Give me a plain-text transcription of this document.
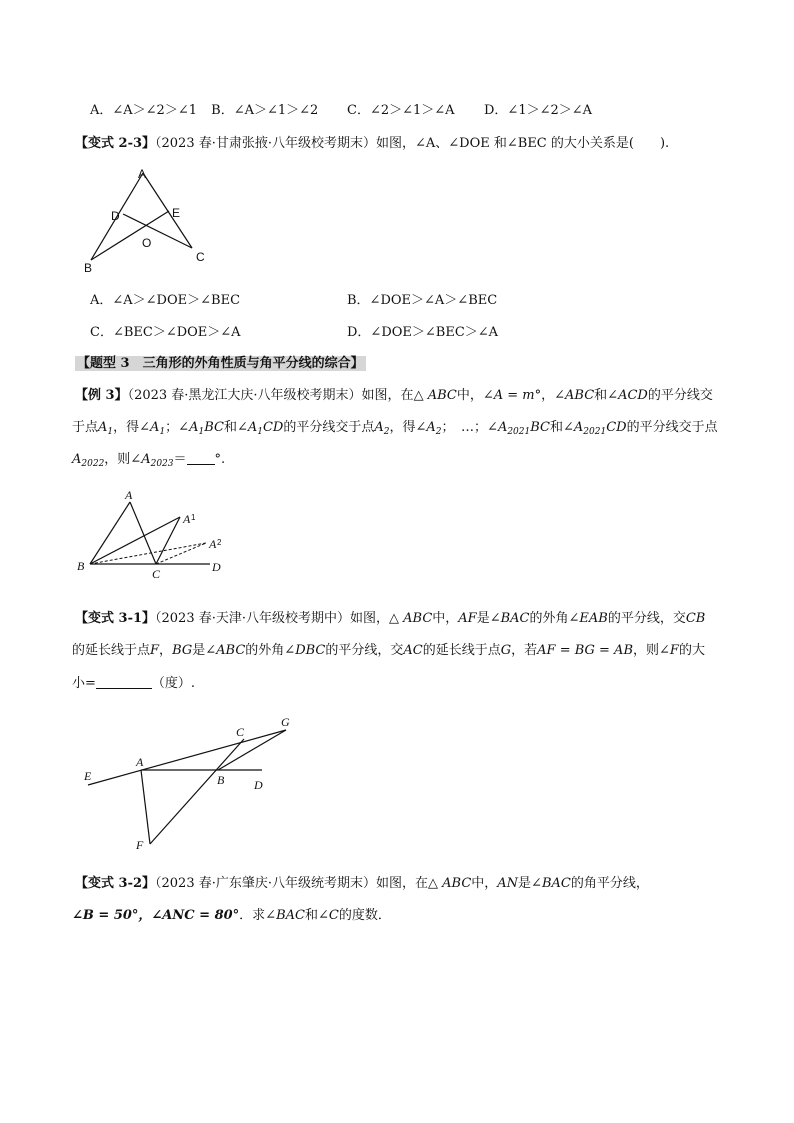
A．∠A＞∠2＞∠1 B．∠A＞∠1＞∠2 C．∠2＞∠1＞∠A D．∠1＞∠2＞∠A
【变式 2-3】（2023 春·甘肃张掖·八年级校考期末）如图，∠A、∠DOE 和∠BEC 的大小关系是(　　).
A
D	E
O
B
C
A．∠A＞∠DOE＞∠BEC	B．∠DOE＞∠A＞∠BEC
C．∠BEC＞∠DOE＞∠A	D．∠DOE＞∠BEC＞∠A
【题型 3　三角形的外角性质与角平分线的综合】
【例 3】（2023 春·黑龙江大庆·八年级校考期末）如图，在△ ABC中，∠A = m°，∠ABC和∠ACD的平分线交
于点$A_1$，得$\angle A_1$；$\angle A_1BC$和$\angle A_1CD$的平分线交于点$A_2$，得$\angle A_2$；　…；$\angle A_{2021}BC$和$\angle A_{2021}CD$的平分线交于点
$A_{2022}$，则$\angle A_{2023}=$ °.
A
A 1
A 2
B
C	D
【变式 3-1】（2023 春·天津·八年级校考期中）如图，△ ABC中，AF是∠BAC的外角∠EAB的平分线，交CB
的延长线于点F，BG是∠ABC的外角∠DBC的平分线，交AC的延长线于点G，若AF = BG = AB，则∠F的大
小=	（度）.
E
A
B
C
D
F
G
【变式 3-2】（2023 春·广东肇庆·八年级统考期末）如图，在△ ABC中，AN是∠BAC的角平分线，
∠B = 50°，∠ANC = 80°．求∠BAC和∠C的度数．
